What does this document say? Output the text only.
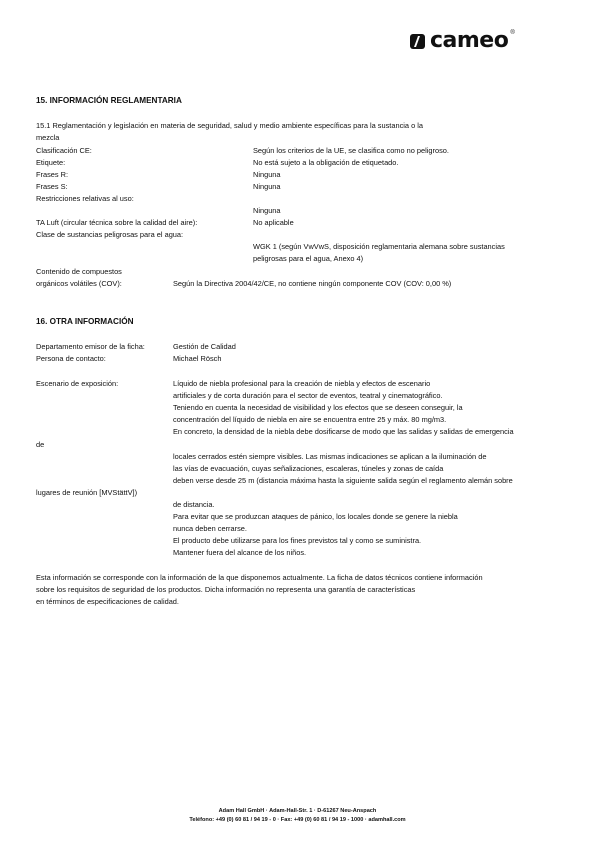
cameo ®
15. INFORMACIÓN REGLAMENTARIA
15.1 Reglamentación y legislación en materia de seguridad, salud y medio ambiente específicas para la sustancia o la
mezcla
Clasificación CE:	Según los criterios de la UE, se clasifica como no peligroso.
Etiquete:	No está sujeto a la obligación de etiquetado.
Frases R:	Ninguna
Frases S:	Ninguna
Restricciones relativas al uso:
Ninguna
TA Luft (circular técnica sobre la calidad del aire):	No aplicable
Clase de sustancias peligrosas para el agua:
WGK 1 (según VwVwS, disposición reglamentaria alemana sobre sustancias
peligrosas para el agua, Anexo 4)
Contenido de compuestos
orgánicos volátiles (COV):	Según la Directiva 2004/42/CE, no contiene ningún componente COV (COV: 0,00 %)
16. OTRA INFORMACIÓN
Departamento emisor de la ficha:	Gestión de Calidad
Persona de contacto:	Michael Rösch
Escenario de exposición:	Líquido de niebla profesional para la creación de niebla y efectos de escenario
artificiales y de corta duración para el sector de eventos, teatral y cinematográfico.
Teniendo en cuenta la necesidad de visibilidad y los efectos que se deseen conseguir, la
concentración del líquido de niebla en aire se encuentra entre 25 y máx. 80 mg/m3.
En concreto, la densidad de la niebla debe dosificarse de modo que las salidas y salidas de emergencia
de
locales cerrados estén siempre visibles. Las mismas indicaciones se aplican a la iluminación de
las vías de evacuación, cuyas señalizaciones, escaleras, túneles y zonas de caída
deben verse desde 25 m (distancia máxima hasta la siguiente salida según el reglamento alemán sobre
lugares de reunión [MVStättV])
de distancia.
Para evitar que se produzcan ataques de pánico, los locales donde se genere la niebla
nunca deben cerrarse.
El producto debe utilizarse para los fines previstos tal y como se suministra.
Mantener fuera del alcance de los niños.
Esta información se corresponde con la información de la que disponemos actualmente. La ficha de datos técnicos contiene información
sobre los requisitos de seguridad de los productos. Dicha información no representa una garantía de características
en términos de especificaciones de calidad.
Adam Hall GmbH · Adam-Hall-Str. 1 · D-61267 Neu-Anspach
Teléfono: +49 (0) 60 81 / 94 19 - 0 · Fax: +49 (0) 60 81 / 94 19 - 1000 · adamhall.com
